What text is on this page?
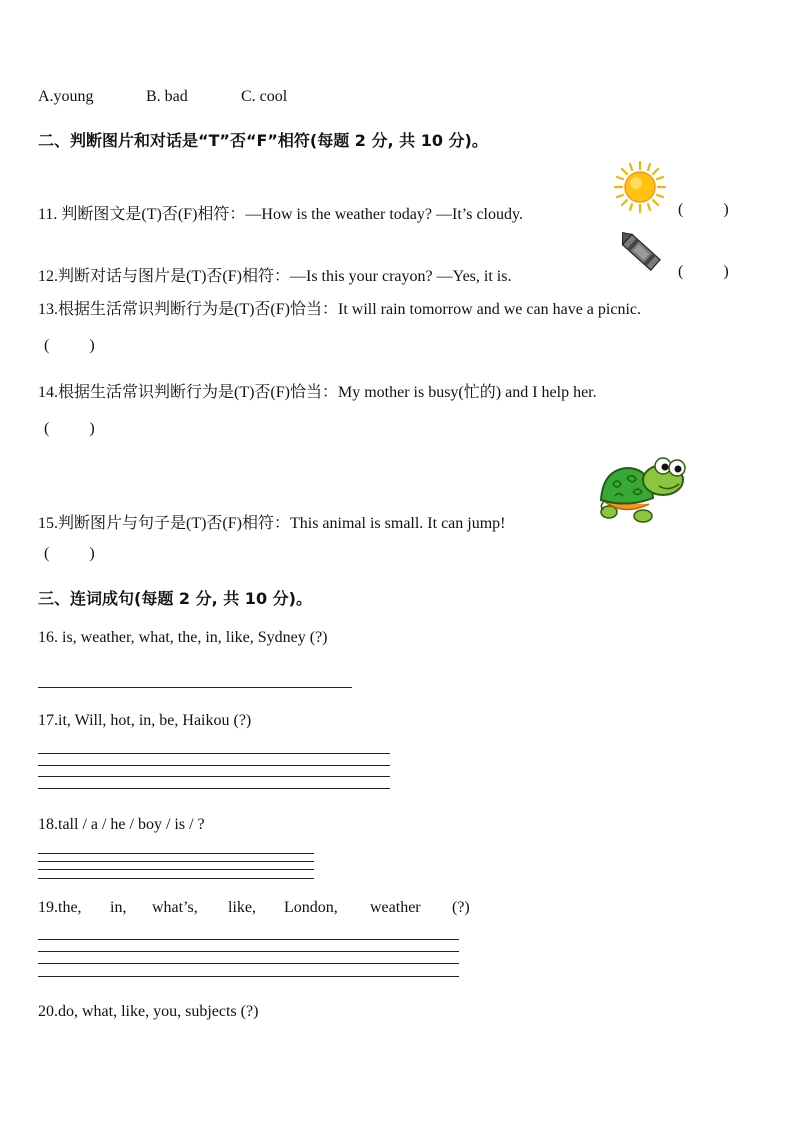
A.young	B. bad	C. cool
二、判断图片和对话是“T”否“F”相符(每题 2 分, 共 10 分)。
11. 判断图文是(T)否(F)相符：—How is the weather today? —It’s cloudy.	(          )
12.判断对话与图片是(T)否(F)相符：—Is this your crayon? —Yes, it is.	(          )
13.根据生活常识判断行为是(T)否(F)恰当：It will rain tomorrow and we can have a picnic.
(          )
14.根据生活常识判断行为是(T)否(F)恰当：My mother is busy(忙的) and I help her.
(          )
15.判断图片与句子是(T)否(F)相符：This animal is small. It can jump!
(          )
三、连词成句(每题 2 分, 共 10 分)。
16. is, weather, what, the, in, like, Sydney (?)
17.it, Will, hot, in, be, Haikou (?)
18.tall / a / he / boy / is / ?
19.the, in, what’s, like, London, weather (?)
20.do, what, like, you, subjects (?)
